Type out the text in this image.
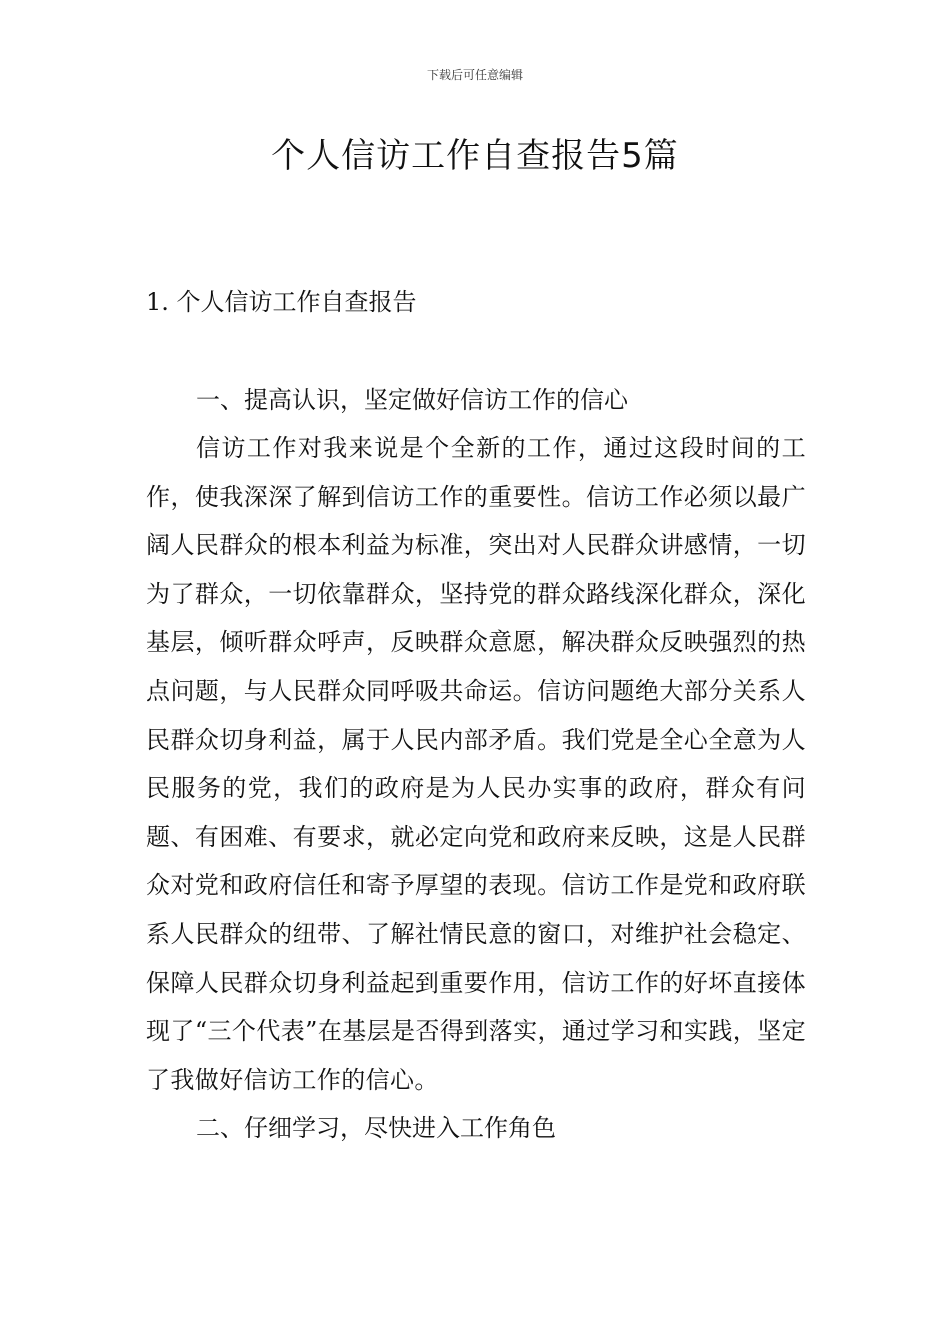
下载后可任意编辑
个人信访工作自查报告5篇
1. 个人信访工作自查报告

一、提高认识，坚定做好信访工作的信心

信访工作对我来说是个全新的工作，通过这段时间的工作，使我深深了解到信访工作的重要性。信访工作必须以最广阔人民群众的根本利益为标准，突出对人民群众讲感情，一切为了群众，一切依靠群众，坚持党的群众路线深化群众，深化基层，倾听群众呼声，反映群众意愿，解决群众反映强烈的热点问题，与人民群众同呼吸共命运。信访问题绝大部分关系人民群众切身利益，属于人民内部矛盾。我们党是全心全意为人民服务的党，我们的政府是为人民办实事的政府，群众有问题、有困难、有要求，就必定向党和政府来反映，这是人民群众对党和政府信任和寄予厚望的表现。信访工作是党和政府联系人民群众的纽带、了解社情民意的窗口，对维护社会稳定、保障人民群众切身利益起到重要作用，信访工作的好坏直接体现了“三个代表”在基层是否得到落实，通过学习和实践，坚定了我做好信访工作的信心。

二、仔细学习，尽快进入工作角色
